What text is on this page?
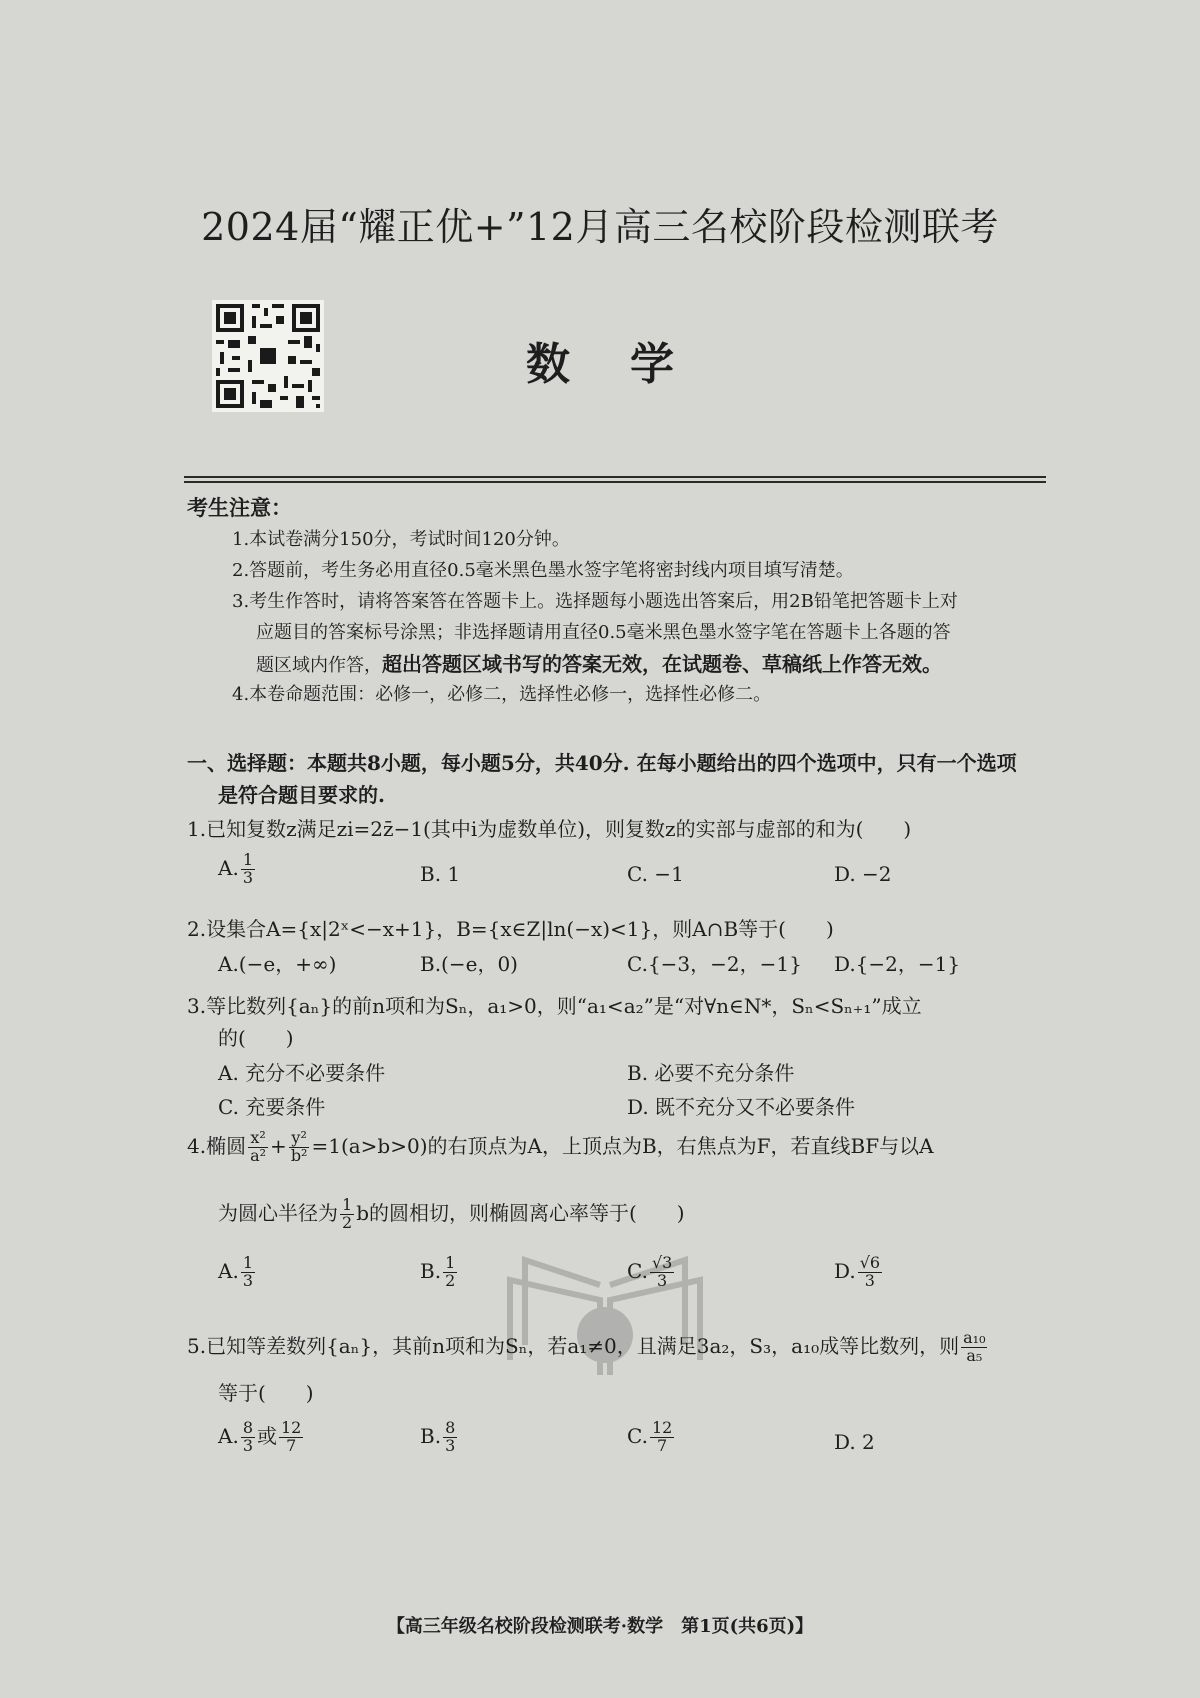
2024届“耀正优+”12月高三名校阶段检测联考
数学
考生注意：
1.本试卷满分150分，考试时间120分钟。
2.答题前，考生务必用直径0.5毫米黑色墨水签字笔将密封线内项目填写清楚。
3.考生作答时，请将答案答在答题卡上。选择题每小题选出答案后，用2B铅笔把答题卡上对
应题目的答案标号涂黑；非选择题请用直径0.5毫米黑色墨水签字笔在答题卡上各题的答
题区域内作答，超出答题区域书写的答案无效，在试题卷、草稿纸上作答无效。
4.本卷命题范围：必修一，必修二，选择性必修一，选择性必修二。
一、选择题：本题共8小题，每小题5分，共40分. 在每小题给出的四个选项中，只有一个选项
是符合题目要求的.
1.已知复数z满足zi=2z̄−1(其中i为虚数单位)，则复数z的实部与虚部的和为(　　)
A. $\frac{1}{3}$	B. 1	C. −1	D. −2
2.设集合A={x|2ˣ<−x+1}，B={x∈Z|ln(−x)<1}，则A∩B等于(　　)
A.(−e，+∞)	B.(−e，0)	C.{−3，−2，−1} D.{−2，−1}
3.等比数列{aₙ}的前n项和为Sₙ，a₁>0，则“a₁<a₂”是“对∀n∈N*，Sₙ<Sₙ₊₁”成立
的(　　)
A. 充分不必要条件	B. 必要不充分条件
C. 充要条件	D. 既不充分又不必要条件
4.椭圆 $\frac{\text{x²}}{\text{a²}} + \frac{\text{y²}}{\text{b²}} =1(a>b>0)$的右顶点为A，上顶点为B，右焦点为F，若直线BF与以A
为圆心半径为 $\frac{1}{2}$ b的圆相切，则椭圆离心率等于(　　)
A. $\frac{1}{3}$	B. $\frac{1}{2}$	C. $\frac{√3}{3}$	D. $\frac{√6}{3}$
5.已知等差数列{aₙ}，其前n项和为Sₙ，若a₁≠0，且满足3a₂，S₃，a₁₀成等比数列，则 $\frac{\text{a₁₀}}{\text{a₅}}$
等于(　　)
A. $\frac{8}{3}$ 或 $\frac{12}{7}$	B. $\frac{8}{3}$	C. $\frac{12}{7}$	D. 2
【高三年级名校阶段检测联考·数学　第1页(共6页)】
